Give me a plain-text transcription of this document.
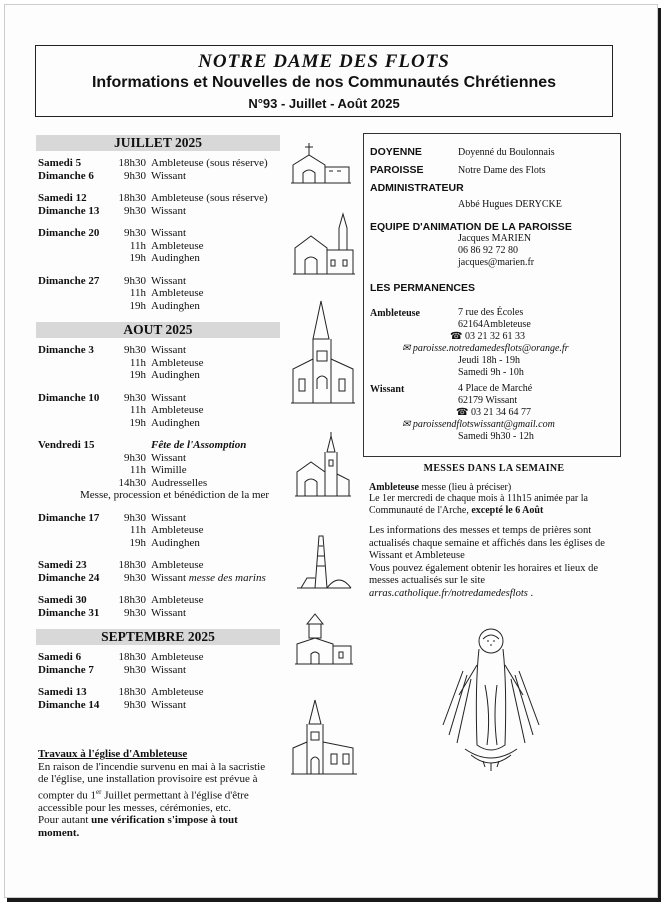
NOTRE DAME DES FLOTS
Informations et Nouvelles de nos Communautés Chrétiennes
N°93 - Juillet - Août 2025
JUILLET 2025
Samedi 5	18h30 Ambleteuse (sous réserve)
Dimanche 6	9h30 Wissant
Samedi 12	18h30 Ambleteuse (sous réserve)
Dimanche 13	9h30 Wissant
Dimanche 20	9h30 Wissant
11h Ambleteuse
19h Audinghen
Dimanche 27	9h30 Wissant
11h Ambleteuse
19h Audinghen
AOUT 2025
Dimanche 3	9h30 Wissant
11h Ambleteuse
19h Audinghen
Dimanche 10	9h30 Wissant
11h Ambleteuse
19h Audinghen
Vendredi 15	Fête de l'Assomption
9h30 Wissant
11h Wimille
14h30 Audresselles
Messe, procession et bénédiction de la mer
Dimanche 17	9h30 Wissant
11h Ambleteuse
19h Audinghen
Samedi 23	18h30 Ambleteuse
Dimanche 24	9h30 Wissant messe des marins
Samedi 30	18h30 Ambleteuse
Dimanche 31	9h30 Wissant
SEPTEMBRE 2025
Samedi 6	18h30 Ambleteuse
Dimanche 7	9h30 Wissant
Samedi 13	18h30 Ambleteuse
Dimanche 14	9h30 Wissant
Travaux à l'église d'Ambleteuse
En raison de l'incendie survenu en mai à la sacristie de l'église, une installation provisoire est prévue à compter du 1er Juillet permettant à l'église d'être accessible pour les messes, cérémonies, etc.
Pour autant une vérification s'impose à tout moment.
DOYENNE	Doyenné du Boulonnais
PAROISSE	Notre Dame des Flots
ADMINISTRATEUR
Abbé Hugues DERYCKE
EQUIPE D'ANIMATION DE LA PAROISSE
Jacques MARIEN
06 86 92 72 80
jacques@marien.fr
LES PERMANENCES
Ambleteuse	7 rue des Écoles
62164Ambleteuse
☎ 03 21 32 61 33
✉ paroisse.notredamedesflots@orange.fr
Jeudi 18h - 19h
Samedi 9h - 10h
Wissant	4 Place de Marché
62179 Wissant
☎ 03 21 34 64 77
✉ paroissendflotswissant@gmail.com
Samedi 9h30 - 12h
MESSES DANS LA SEMAINE
Ambleteuse messe (lieu à préciser)
Le 1er mercredi de chaque mois à 11h15 animée par la Communauté de l'Arche, excepté le 6 Août
Les informations des messes et temps de prières sont actualisés chaque semaine et affichés dans les églises de Wissant et Ambleteuse
Vous pouvez également obtenir les horaires et lieux de messes actualisés sur le site arras.catholique.fr/notredamedesflots .
